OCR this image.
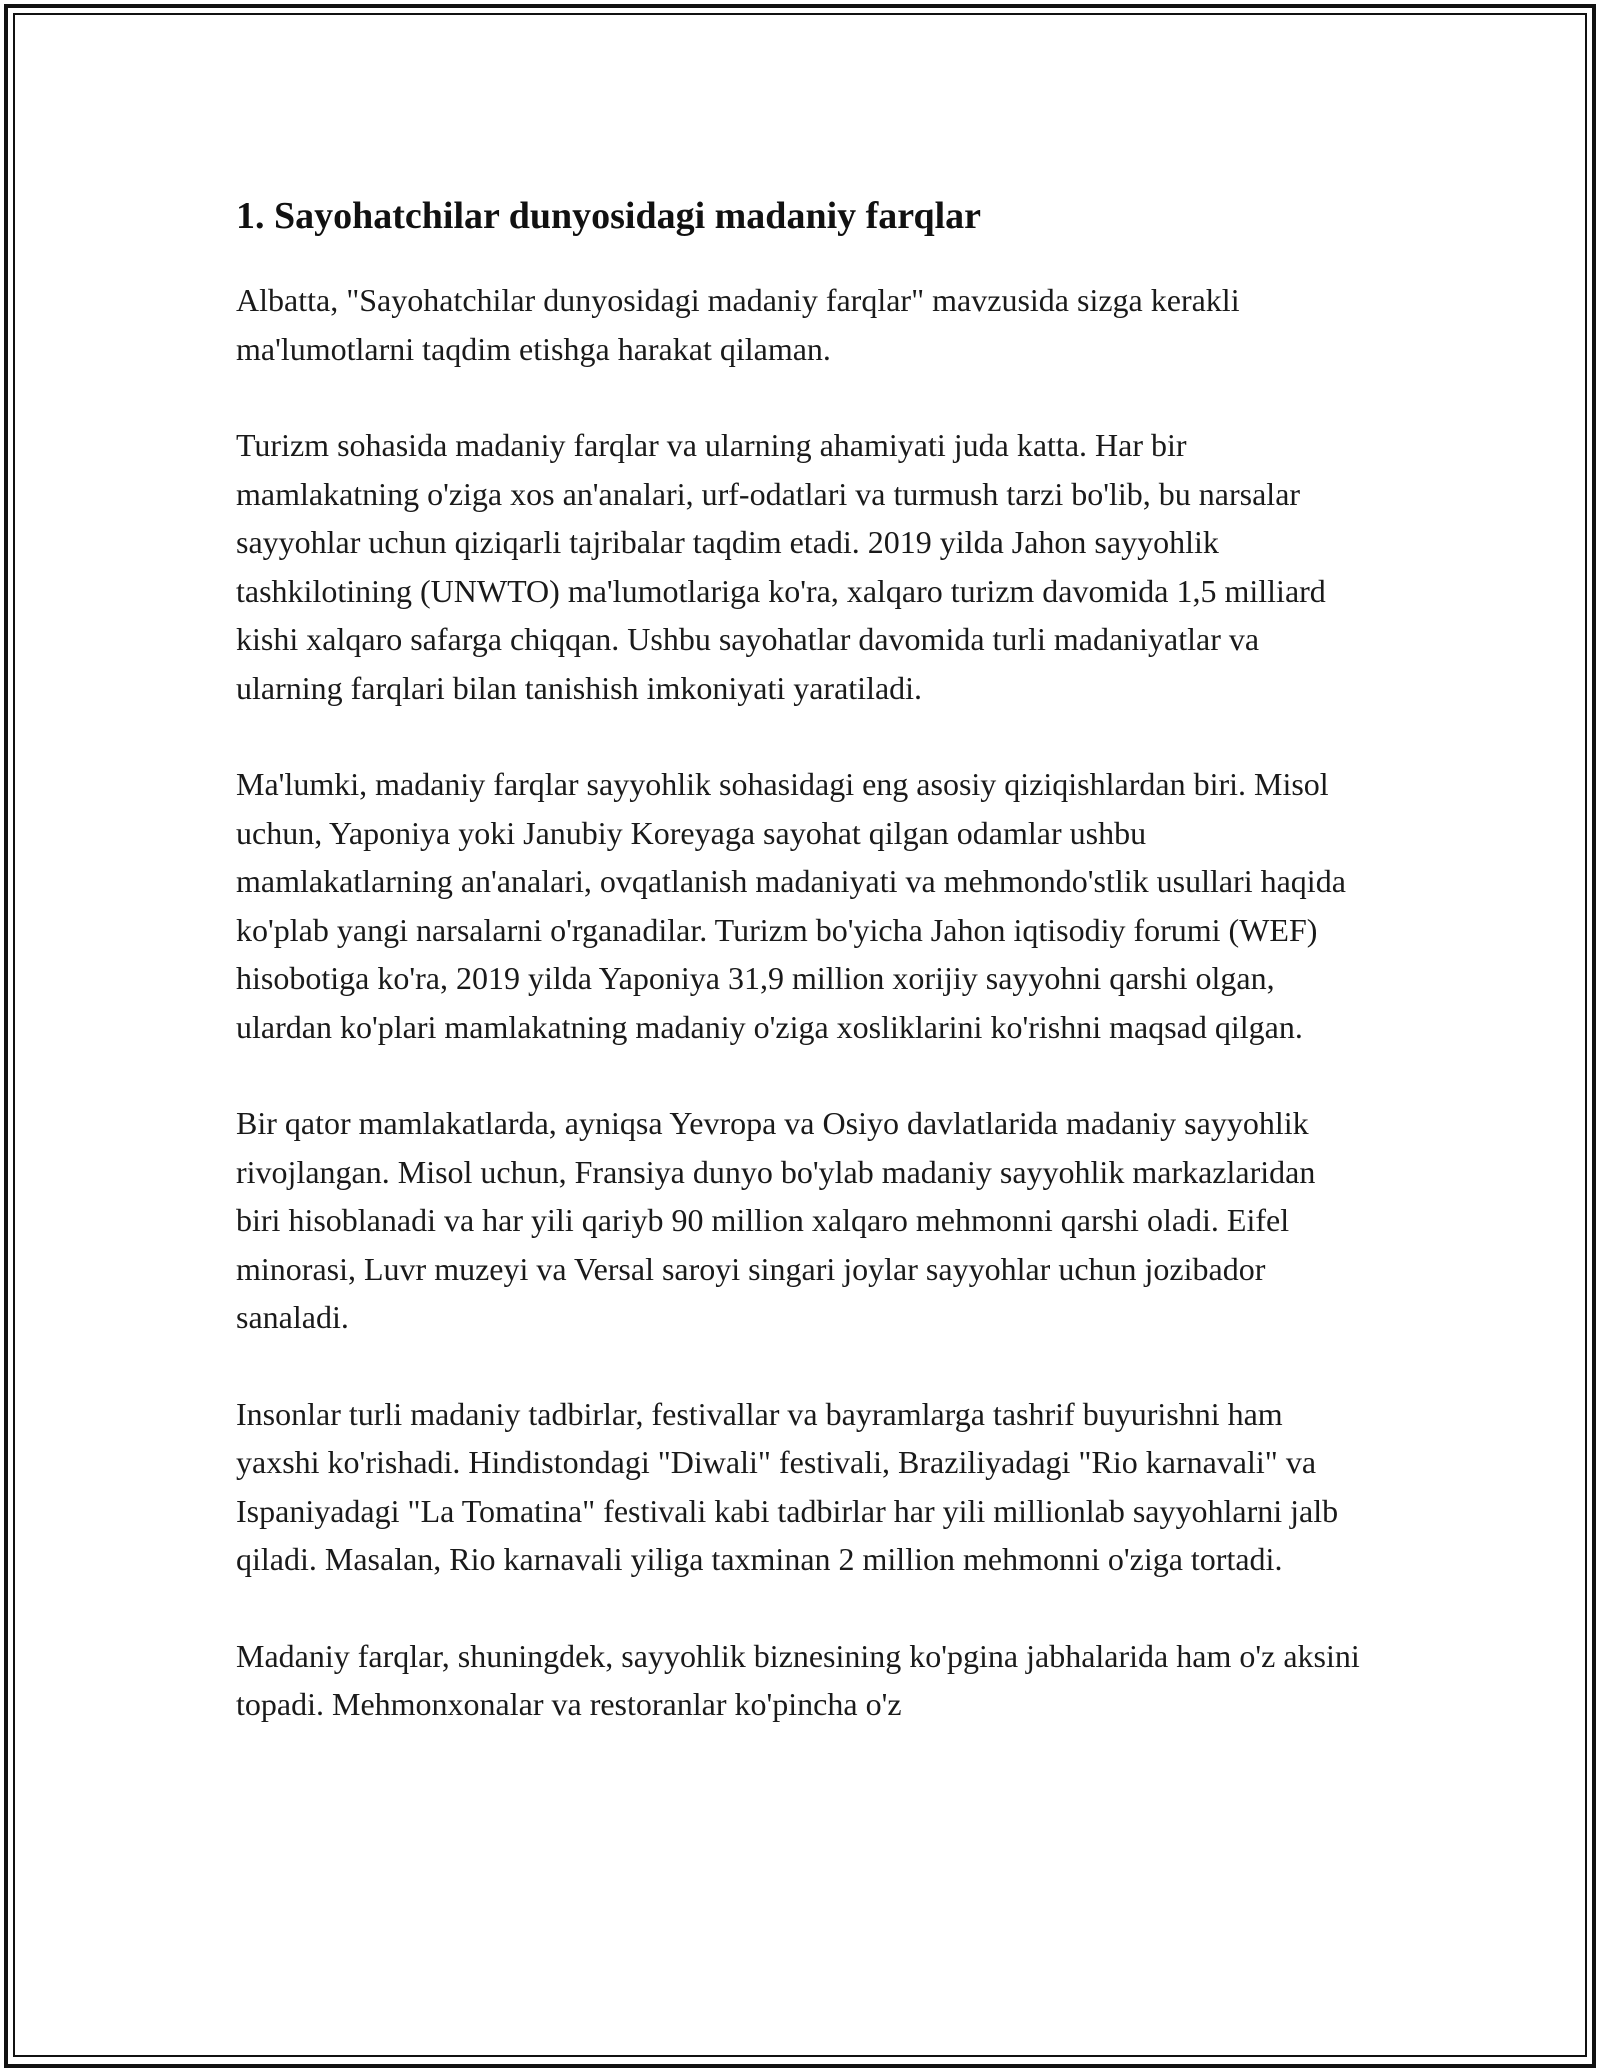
1. Sayohatchilar dunyosidagi madaniy farqlar

Albatta, "Sayohatchilar dunyosidagi madaniy farqlar" mavzusida sizga kerakli ma'lumotlarni taqdim etishga harakat qilaman.

Turizm sohasida madaniy farqlar va ularning ahamiyati juda katta. Har bir mamlakatning o'ziga xos an'analari, urf-odatlari va turmush tarzi bo'lib, bu narsalar sayyohlar uchun qiziqarli tajribalar taqdim etadi. 2019 yilda Jahon sayyohlik tashkilotining (UNWTO) ma'lumotlariga ko'ra, xalqaro turizm davomida 1,5 milliard kishi xalqaro safarga chiqqan. Ushbu sayohatlar davomida turli madaniyatlar va ularning farqlari bilan tanishish imkoniyati yaratiladi.

Ma'lumki, madaniy farqlar sayyohlik sohasidagi eng asosiy qiziqishlardan biri. Misol uchun, Yaponiya yoki Janubiy Koreyaga sayohat qilgan odamlar ushbu mamlakatlarning an'analari, ovqatlanish madaniyati va mehmondo'stlik usullari haqida ko'plab yangi narsalarni o'rganadilar. Turizm bo'yicha Jahon iqtisodiy forumi (WEF) hisobotiga ko'ra, 2019 yilda Yaponiya 31,9 million xorijiy sayyohni qarshi olgan, ulardan ko'plari mamlakatning madaniy o'ziga xosliklarini ko'rishni maqsad qilgan.

Bir qator mamlakatlarda, ayniqsa Yevropa va Osiyo davlatlarida madaniy sayyohlik rivojlangan. Misol uchun, Fransiya dunyo bo'ylab madaniy sayyohlik markazlaridan biri hisoblanadi va har yili qariyb 90 million xalqaro mehmonni qarshi oladi. Eifel minorasi, Luvr muzeyi va Versal saroyi singari joylar sayyohlar uchun jozibador sanaladi.

Insonlar turli madaniy tadbirlar, festivallar va bayramlarga tashrif buyurishni ham yaxshi ko'rishadi. Hindistondagi "Diwali" festivali, Braziliyadagi "Rio karnavali" va Ispaniyadagi "La Tomatina" festivali kabi tadbirlar har yili millionlab sayyohlarni jalb qiladi. Masalan, Rio karnavali yiliga taxminan 2 million mehmonni o'ziga tortadi.

Madaniy farqlar, shuningdek, sayyohlik biznesining ko'pgina jabhalarida ham o'z aksini topadi. Mehmonxonalar va restoranlar ko'pincha o'z
